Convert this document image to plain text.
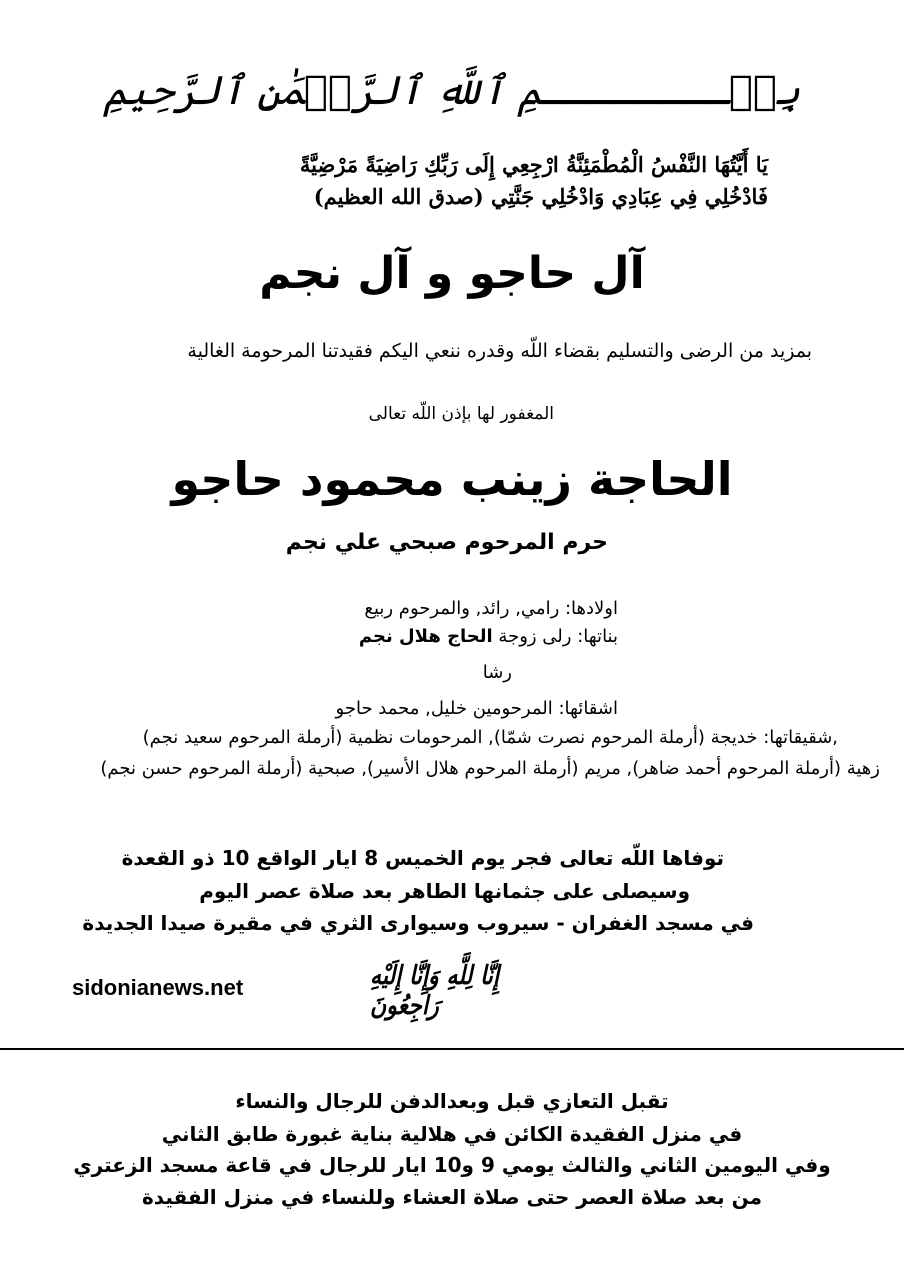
بِسۡــــــــمِ ٱللَّهِ ٱلرَّحۡمَٰنِ ٱلرَّحِيمِ
يَا أَيَّتُهَا النَّفْسُ الْمُطْمَئِنَّةُ ارْجِعِي إِلَى رَبِّكِ رَاضِيَةً مَرْضِيَّةً
فَادْخُلِي فِي عِبَادِي وَادْخُلِي جَنَّتِي (صدق الله العظيم)
آل حاجو و آل نجم
بمزيد من الرضى والتسليم بقضاء اللّه وقدره ننعي اليكم فقيدتنا المرحومة الغالية
المغفور لها بإذن اللّه تعالى
الحاجة زينب محمود حاجو
حرم المرحوم صبحي علي نجم
اولادها: رامي, رائد, والمرحوم ربيع
بناتها: رلى زوجة الحاج هلال نجم
رشا
اشقائها: المرحومين خليل, محمد حاجو
,شقيقاتها: خديجة (أرملة المرحوم نصرت شمّا), المرحومات نظمية (أرملة المرحوم سعيد نجم)
زهية (أرملة المرحوم أحمد ضاهر), مريم (أرملة المرحوم هلال الأسير), صبحية (أرملة المرحوم حسن نجم)
توفاها اللّه تعالى فجر يوم الخميس 8 ايار الواقع 10 ذو القعدة
وسيصلى على جثمانها الطاهر بعد صلاة عصر اليوم
في مسجد الغفران - سيروب وسيوارى الثري في مقيرة صيدا الجديدة
sidonianews.net	إِنَّا لِلَّهِ وَإِنَّا إِلَيْهِ رَاجِعُونَ
تقبل التعازي قبل وبعدالدفن للرجال والنساء
في منزل الفقيدة الكائن في هلالية بناية غبورة طابق الثاني
وفي اليومين الثاني والثالث يومي 9 و10 ايار للرجال في قاعة مسجد الزعتري
من بعد صلاة العصر حتى صلاة العشاء وللنساء في منزل الفقيدة
